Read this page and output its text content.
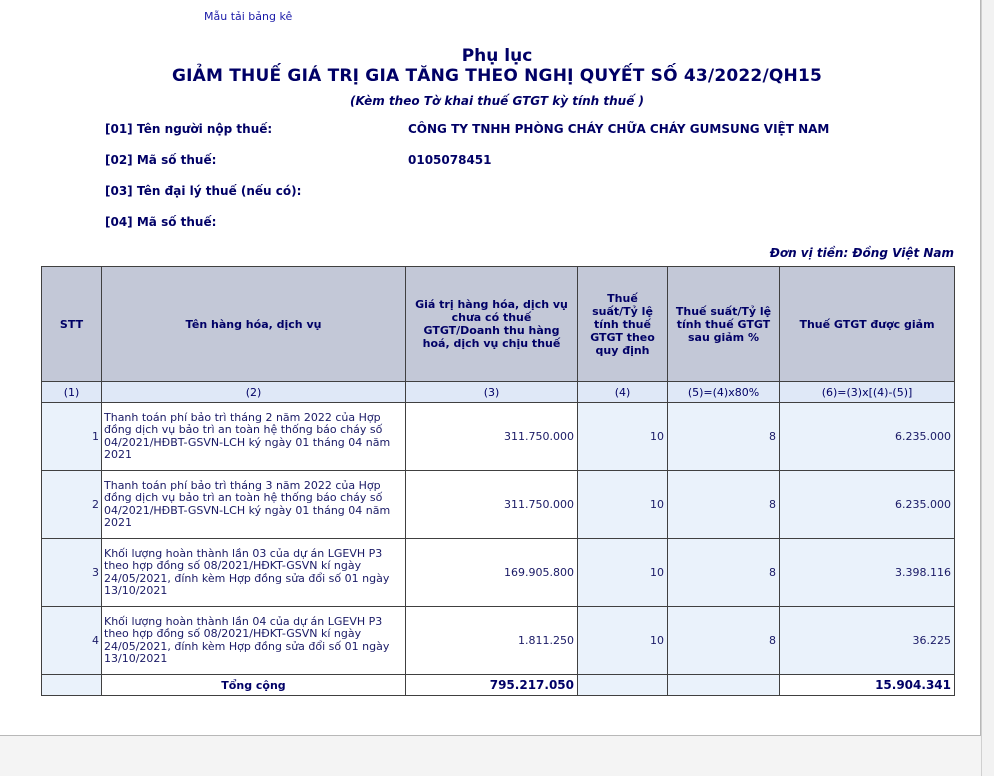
Mẫu tải bảng kê
Phụ lục
GIẢM THUẾ GIÁ TRỊ GIA TĂNG THEO NGHỊ QUYẾT SỐ 43/2022/QH15
(Kèm theo Tờ khai thuế GTGT kỳ tính thuế )
[01] Tên người nộp thuế:	CÔNG TY TNHH PHÒNG CHÁY CHỮA CHÁY GUMSUNG VIỆT NAM
[02] Mã số thuế:	0105078451
[03] Tên đại lý thuế (nếu có):
[04] Mã số thuế:
Đơn vị tiền: Đồng Việt Nam
STT	Tên hàng hóa, dịch vụ	Giá trị hàng hóa, dịch vụ chưa có thuế GTGT/Doanh thu hàng hoá, dịch vụ chịu thuế	Thuế suất/Tỷ lệ tính thuế GTGT theo quy định	Thuế suất/Tỷ lệ tính thuế GTGT sau giảm %	Thuế GTGT được giảm
(1)	(2)	(3)	(4)	(5)=(4)x80%	(6)=(3)x[(4)-(5)]
1	Thanh toán phí bảo trì tháng 2 năm 2022 của Hợp đồng dịch vụ bảo trì an toàn hệ thống báo cháy số 04/2021/HĐBT-GSVN-LCH ký ngày 01 tháng 04 năm 2021	311.750.000	10	8	6.235.000
2	Thanh toán phí bảo trì tháng 3 năm 2022 của Hợp đồng dịch vụ bảo trì an toàn hệ thống báo cháy số 04/2021/HĐBT-GSVN-LCH ký ngày 01 tháng 04 năm 2021	311.750.000	10	8	6.235.000
3	Khối lượng hoàn thành lần 03 của dự án LGEVH P3 theo hợp đồng số 08/2021/HĐKT-GSVN kí ngày 24/05/2021, đính kèm Hợp đồng sửa đổi số 01 ngày 13/10/2021	169.905.800	10	8	3.398.116
4	Khối lượng hoàn thành lần 04 của dự án LGEVH P3 theo hợp đồng số 08/2021/HĐKT-GSVN kí ngày 24/05/2021, đính kèm Hợp đồng sửa đổi số 01 ngày 13/10/2021	1.811.250	10	8	36.225
	Tổng cộng	795.217.050			15.904.341
